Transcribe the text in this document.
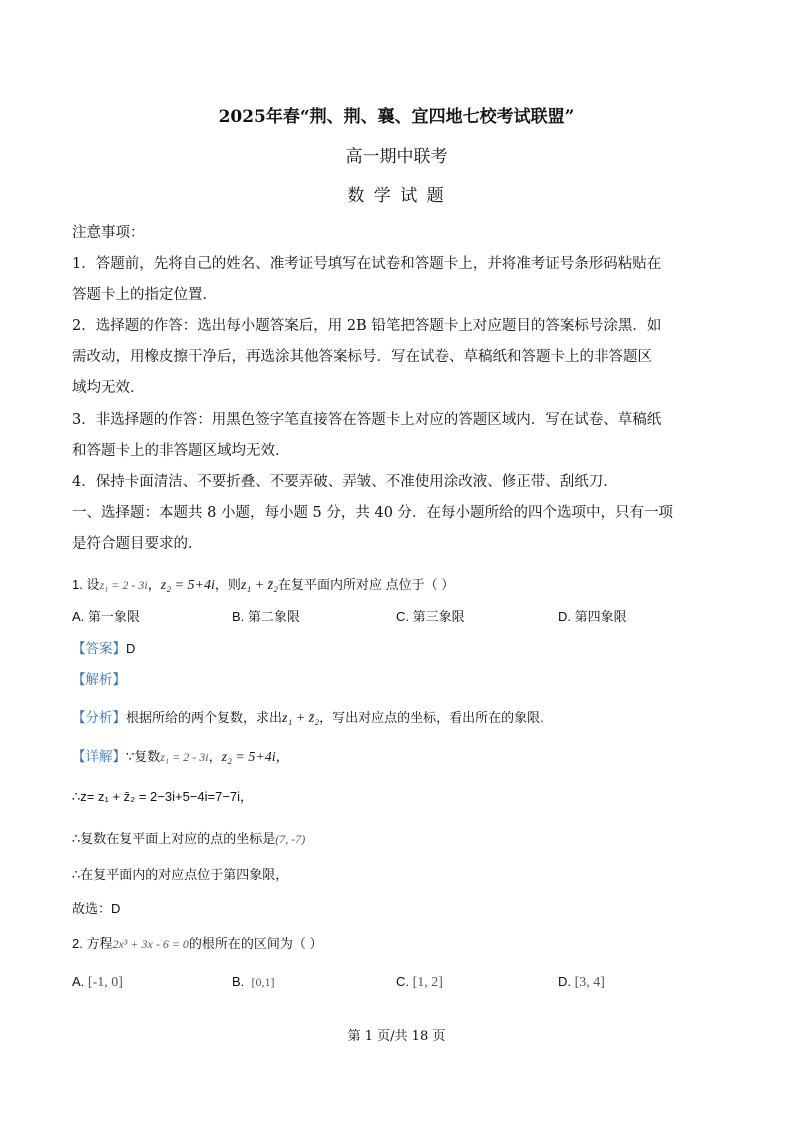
2025年春“荆、荆、襄、宜四地七校考试联盟”
高一期中联考
数 学 试 题
注意事项：
1．答题前，先将自己的姓名、准考证号填写在试卷和答题卡上，并将准考证号条形码粘贴在
答题卡上的指定位置．
2．选择题的作答：选出每小题答案后，用 2B 铅笔把答题卡上对应题目的答案标号涂黑．如
需改动，用橡皮擦干净后，再选涂其他答案标号．写在试卷、草稿纸和答题卡上的非答题区
域均无效．
3．非选择题的作答：用黑色签字笔直接答在答题卡上对应的答题区域内．写在试卷、草稿纸
和答题卡上的非答题区域均无效．
4．保持卡面清洁、不要折叠、不要弄破、弄皱、不准使用涂改液、修正带、刮纸刀．
一、选择题：本题共 8 小题，每小题 5 分，共 40 分．在每小题所给的四个选项中，只有一项
是符合题目要求的．
1. 设z₁ = 2 - 3i，z₂ = 5+4i，则z₁ + z̄₂在复平面内所对应 点位于（ ）
A. 第一象限	B. 第二象限	C. 第三象限	D. 第四象限
【答案】D
【解析】
【分析】根据所给的两个复数，求出z₁ + z̄₂，写出对应点的坐标，看出所在的象限.
【详解】∵复数z₁ = 2 - 3i，z₂ = 5+4i，
∴z= z₁ + z̄₂ = 2−3i+5−4i=7−7i，
∴复数在复平面上对应的点的坐标是(7, -7)
∴在复平面内的对应点位于第四象限，
故选：D
2. 方程2x³ + 3x - 6 = 0的根所在的区间为（ ）
A. [-1, 0]	B. [0,1]	C. [1, 2]	D. [3, 4]
第 1 页/共 18 页
